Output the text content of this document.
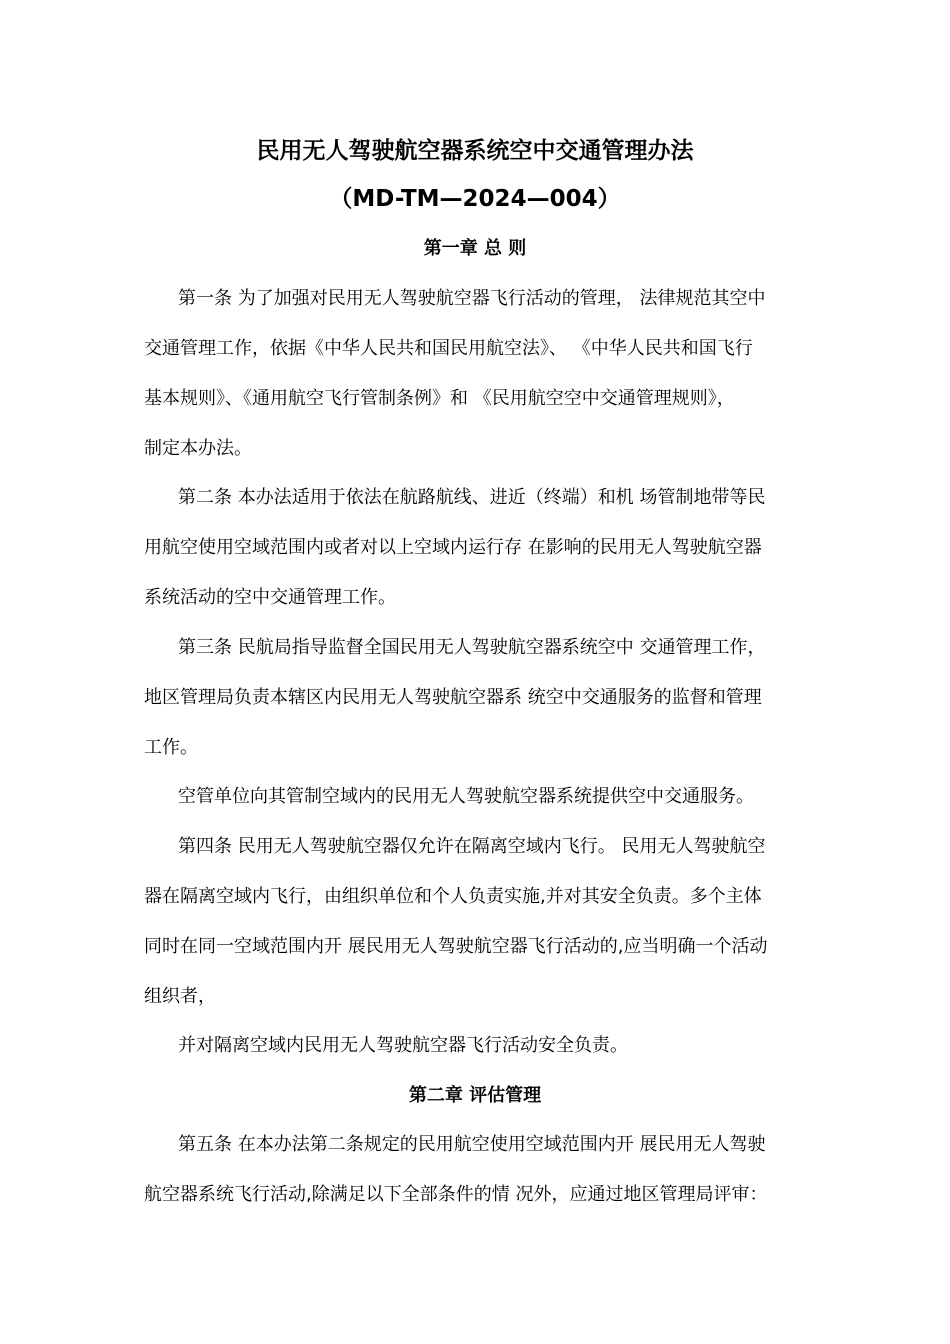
民用无人驾驶航空器系统空中交通管理办法
（MD-TM—2024—004）
第一章 总 则
第一条 为了加强对民用无人驾驶航空器飞行活动的管理， 法律规范其空中
交通管理工作，依据《中华人民共和国民用航空法》、 《中华人民共和国飞行
基本规则》、《通用航空飞行管制条例》和 《民用航空空中交通管理规则》，
制定本办法。
第二条 本办法适用于依法在航路航线、进近（终端）和机 场管制地带等民
用航空使用空域范围内或者对以上空域内运行存 在影响的民用无人驾驶航空器
系统活动的空中交通管理工作。
第三条 民航局指导监督全国民用无人驾驶航空器系统空中 交通管理工作，
地区管理局负责本辖区内民用无人驾驶航空器系 统空中交通服务的监督和管理
工作。
空管单位向其管制空域内的民用无人驾驶航空器系统提供空中交通服务。
第四条 民用无人驾驶航空器仅允许在隔离空域内飞行。 民用无人驾驶航空
器在隔离空域内飞行，由组织单位和个人负责实施,并对其安全负责。多个主体
同时在同一空域范围内开 展民用无人驾驶航空器飞行活动的,应当明确一个活动
组织者，
并对隔离空域内民用无人驾驶航空器飞行活动安全负责。
第二章 评估管理
第五条 在本办法第二条规定的民用航空使用空域范围内开 展民用无人驾驶
航空器系统飞行活动,除满足以下全部条件的情 况外，应通过地区管理局评审：
